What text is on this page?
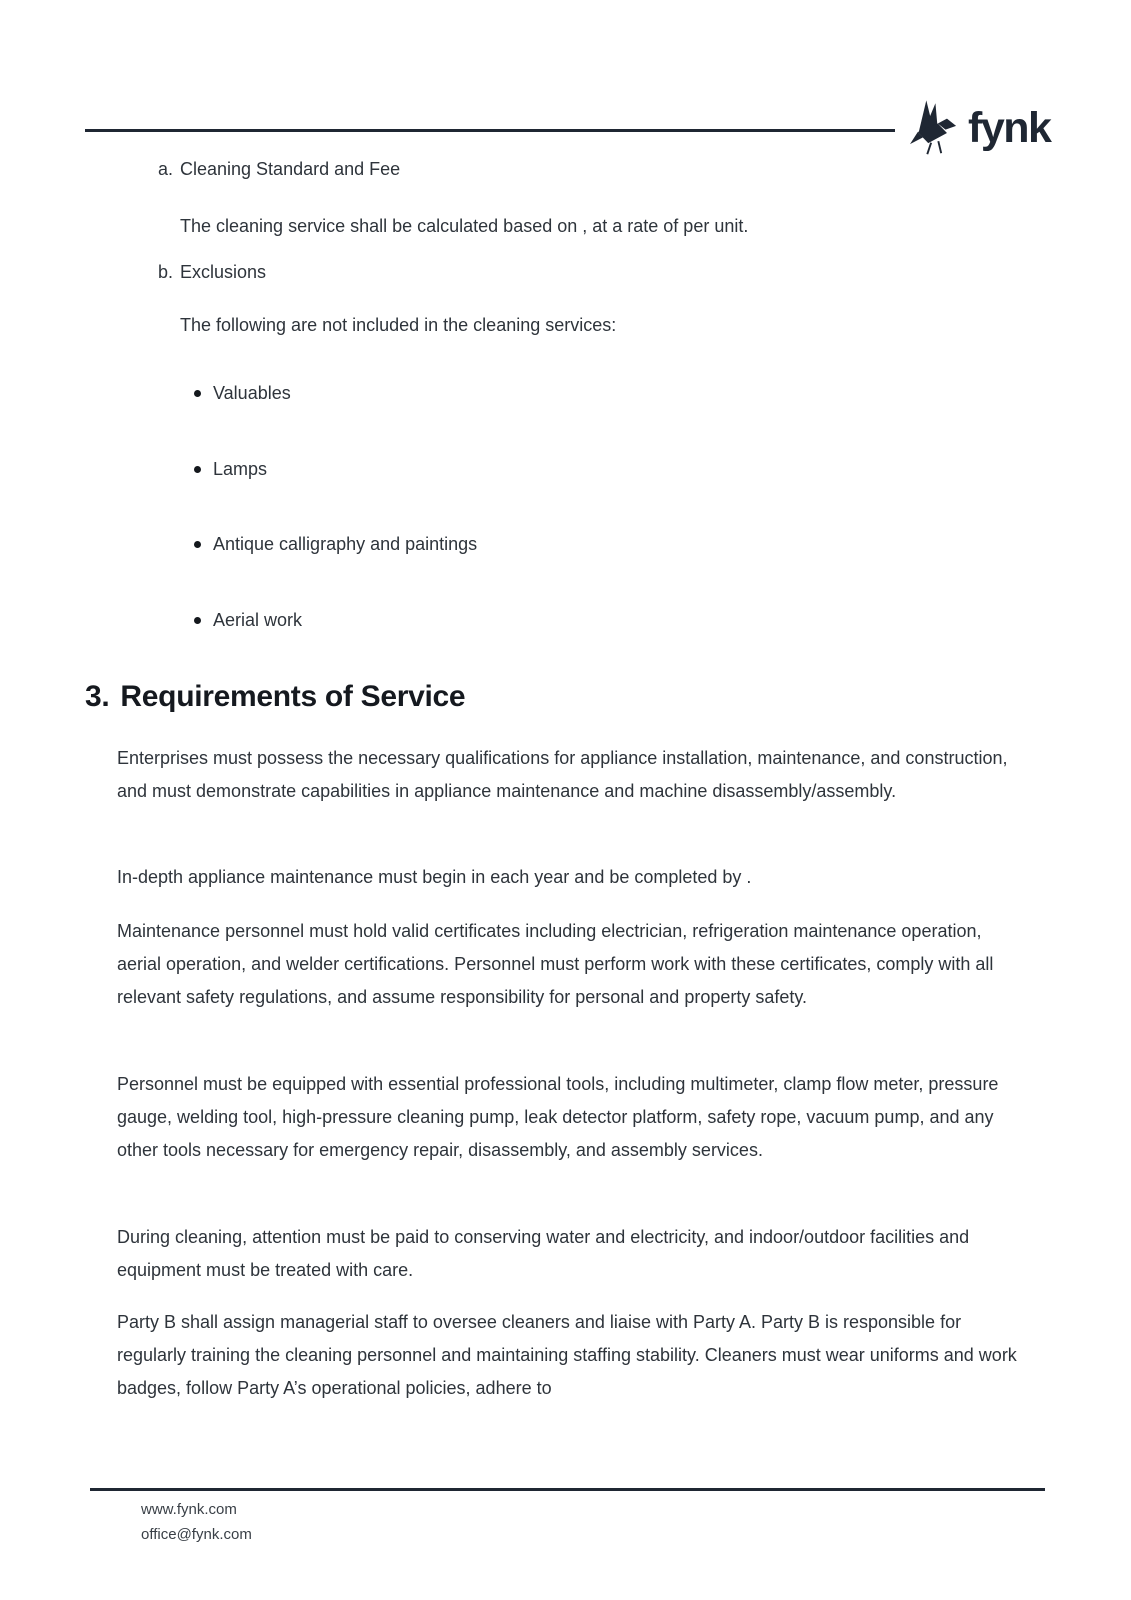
fynk
a. Cleaning Standard and Fee
The cleaning service shall be calculated based on , at a rate of per unit.
b. Exclusions
The following are not included in the cleaning services:
Valuables
Lamps
Antique calligraphy and paintings
Aerial work
3. Requirements of Service

Enterprises must possess the necessary qualifications for appliance installation, maintenance, and construction, and must demonstrate capabilities in appliance maintenance and machine disassembly/assembly.

In-depth appliance maintenance must begin in each year and be completed by .

Maintenance personnel must hold valid certificates including electrician, refrigeration maintenance operation, aerial operation, and welder certifications. Personnel must perform work with these certificates, comply with all relevant safety regulations, and assume responsibility for personal and property safety.

Personnel must be equipped with essential professional tools, including multimeter, clamp flow meter, pressure gauge, welding tool, high-pressure cleaning pump, leak detector platform, safety rope, vacuum pump, and any other tools necessary for emergency repair, disassembly, and assembly services.

During cleaning, attention must be paid to conserving water and electricity, and indoor/outdoor facilities and equipment must be treated with care.

Party B shall assign managerial staff to oversee cleaners and liaise with Party A. Party B is responsible for regularly training the cleaning personnel and maintaining staffing stability. Cleaners must wear uniforms and work badges, follow Party A’s operational policies, adhere to

www.fynk.com
office@fynk.com
